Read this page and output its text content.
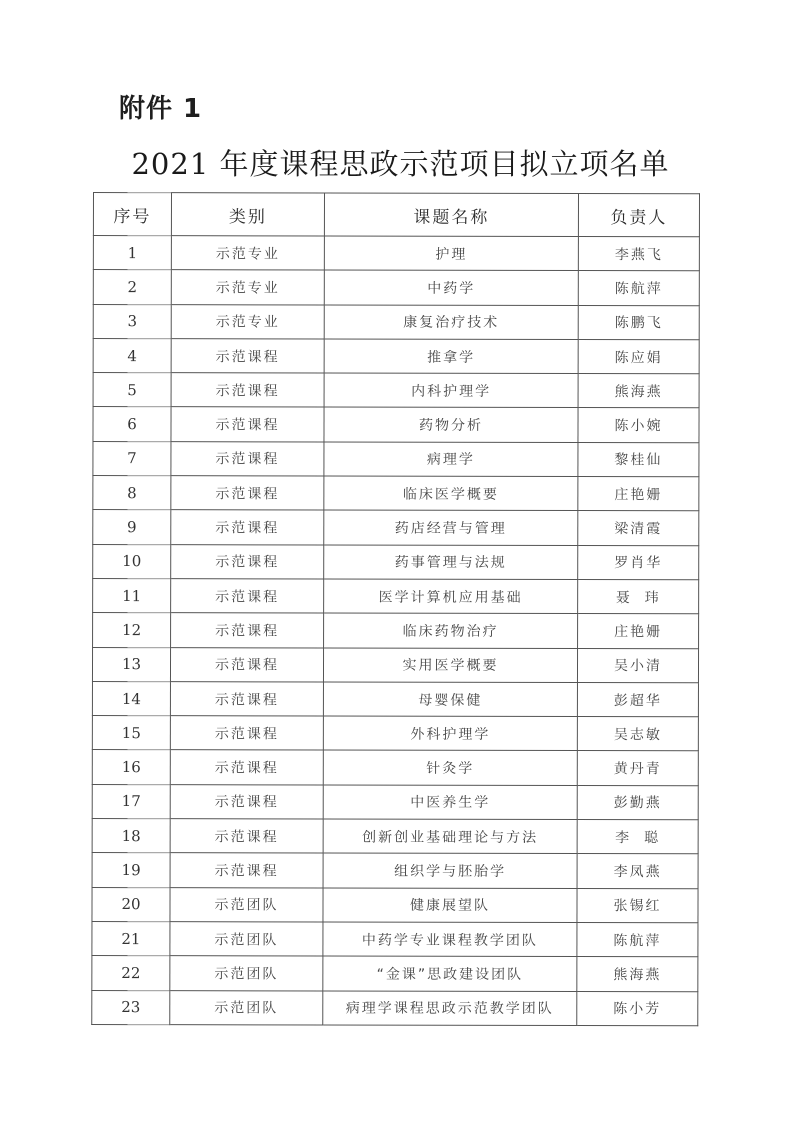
附件 1
2021 年度课程思政示范项目拟立项名单
序号	类别	课题名称	负责人
1	示范专业	护理	李燕飞
2	示范专业	中药学	陈航萍
3	示范专业	康复治疗技术	陈鹏飞
4	示范课程	推拿学	陈应娟
5	示范课程	内科护理学	熊海燕
6	示范课程	药物分析	陈小婉
7	示范课程	病理学	黎桂仙
8	示范课程	临床医学概要	庄艳姗
9	示范课程	药店经营与管理	梁清霞
10	示范课程	药事管理与法规	罗肖华
11	示范课程	医学计算机应用基础	聂  玮
12	示范课程	临床药物治疗	庄艳姗
13	示范课程	实用医学概要	吴小清
14	示范课程	母婴保健	彭超华
15	示范课程	外科护理学	吴志敏
16	示范课程	针灸学	黄丹青
17	示范课程	中医养生学	彭勤燕
18	示范课程	创新创业基础理论与方法	李  聪
19	示范课程	组织学与胚胎学	李凤燕
20	示范团队	健康展望队	张锡红
21	示范团队	中药学专业课程教学团队	陈航萍
22	示范团队	“金课”思政建设团队	熊海燕
23	示范团队	病理学课程思政示范教学团队	陈小芳
